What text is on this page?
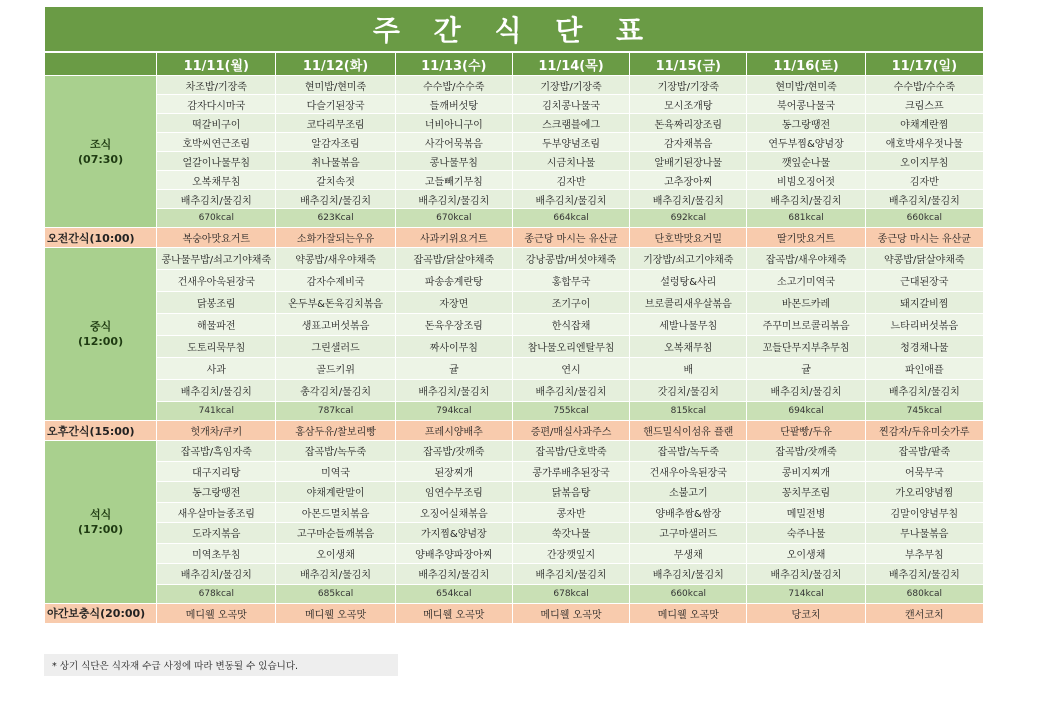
주 간 식 단 표
	11/11(월)	11/12(화)	11/13(수)	11/14(목)	11/15(금)	11/16(토)	11/17(일)

조식
(07:30)	차조밥/기장죽	현미밥/현미죽	수수밥/수수죽	기장밥/기장죽	기장밥/기장죽	현미밥/현미죽	수수밥/수수죽
	감자다시마국	다슬기된장국	들깨버섯탕	김치콩나물국	모시조개탕	북어콩나물국	크림스프
	떡갈비구이	코다리무조림	너비아니구이	스크램블에그	돈육짜리장조림	동그랑땡전	야채계란찜
	호박씨연근조림	알감자조림	사각어묵볶음	두부양념조림	감자채볶음	연두부찜&양념장	애호박새우젓나물
	얼갈이나물무침	취나물볶음	콩나물무침	시금치나물	알배기된장나물	깻잎순나물	오이지무침
	오복채무침	갈치속젓	고들빼기무침	김자반	고추장아찌	비빔오징어젓	김자반
	배추김치/물김치	배추김치/물김치	배추김치/물김치	배추김치/물김치	배추김치/물김치	배추김치/물김치	배추김치/물김치
	670kcal	623Kcal	670kcal	664kcal	692kcal	681kcal	660kcal
오전간식(10:00)	복숭아맛요거트	소화가잘되는우유	사과키위요거트	종근당 마시는 유산균	단호박맛요거밀	딸기맛요거트	종근당 마시는 유산균

중식
(12:00)	콩나물무밥/쇠고기야채죽	약콩밥/새우야채죽	잡곡밥/닭살야채죽	강낭콩밥/버섯야채죽	기장밥/쇠고기야채죽	잡곡밥/새우야채죽	약콩밥/닭살야채죽
	건새우아욱된장국	감자수제비국	파송송계란탕	홍합무국	설렁탕&사리	소고기미역국	근대된장국
	닭봉조림	온두부&돈육김치볶음	자장면	조기구이	브로콜리새우살볶음	바몬드카레	돼지갈비찜
	해물파전	생표고버섯볶음	돈육우장조림	한식잡채	세발나물무침	주꾸미브로콜리볶음	느타리버섯볶음
	도토리묵무침	그린샐러드	짜사이무침	참나물오리엔탈무침	오복채무침	꼬들단무지부추무침	청경채나물
	사과	골드키위	귤	연시	배	귤	파인애플
	배추김치/물김치	총각김치/물김치	배추김치/물김치	배추김치/물김치	갓김치/물김치	배추김치/물김치	배추김치/물김치
	741kcal	787kcal	794kcal	755kcal	815kcal	694kcal	745kcal
오후간식(15:00)	헛개차/쿠키	홍삼두유/찰보리빵	프레시양배추	증편/매실사과주스	핸드밀식이섬유 플랜	단팥빵/두유	찐감자/두유미숫가루

석식
(17:00)	잡곡밥/흑임자죽	잡곡밥/녹두죽	잡곡밥/잣깨죽	잡곡밥/단호박죽	잡곡밥/녹두죽	잡곡밥/잣깨죽	잡곡밥/팥죽
	대구지리탕	미역국	된장찌개	콩가루배추된장국	건새우아욱된장국	콩비지찌개	어묵무국
	동그랑땡전	야채계란말이	임연수무조림	닭볶음탕	소불고기	꽁치무조림	가오리양념찜
	새우살마늘종조림	아몬드멸치볶음	오징어실채볶음	콩자반	양배추쌈&쌈장	메밀전병	김말이양념무침
	도라지볶음	고구마순들깨볶음	가지찜&양념장	쑥갓나물	고구마샐러드	숙주나물	무나물볶음
	미역초무침	오이생채	양배추양파장아찌	간장깻잎지	무생채	오이생채	부추무침
	배추김치/물김치	배추김치/물김치	배추김치/물김치	배추김치/물김치	배추김치/물김치	배추김치/물김치	배추김치/물김치
	678kcal	685kcal	654kcal	678kcal	660kcal	714kcal	680kcal
야간보충식(20:00)	메디웰 오곡맛	메디웰 오곡맛	메디웰 오곡맛	메디웰 오곡맛	메디웰 오곡맛	당코치	캔서코치
* 상기 식단은 식자재 수급 사정에 따라 변동될 수 있습니다.
